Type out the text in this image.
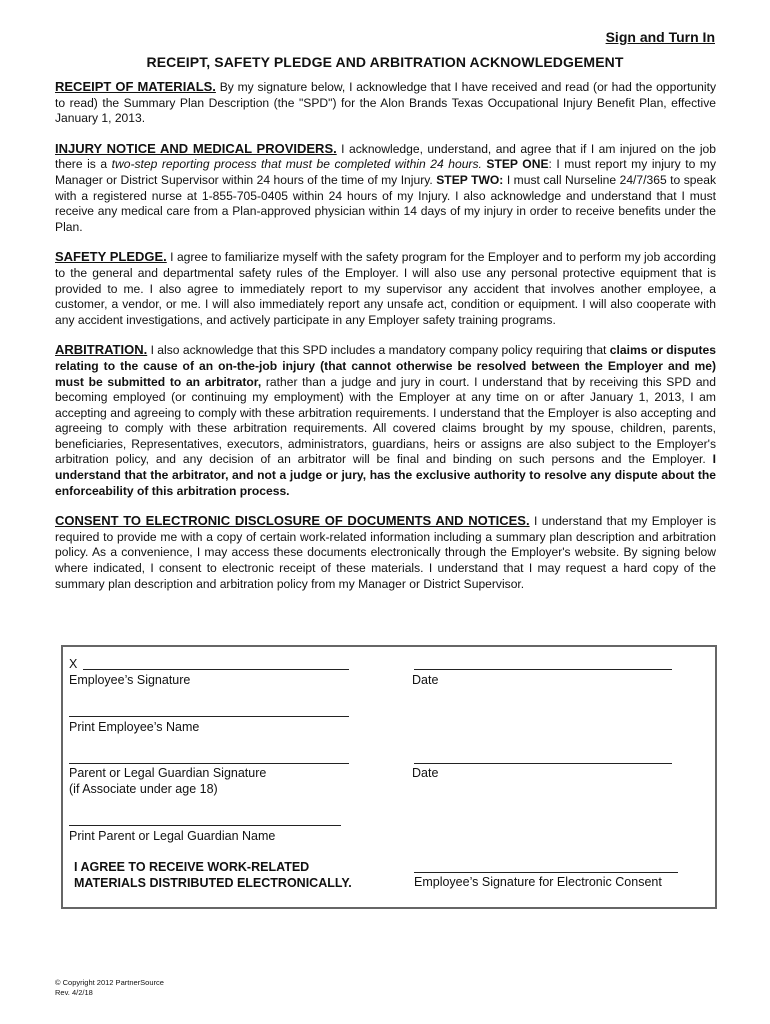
Sign and Turn In
RECEIPT, SAFETY PLEDGE AND ARBITRATION ACKNOWLEDGEMENT

RECEIPT OF MATERIALS. By my signature below, I acknowledge that I have received and read (or had the opportunity to read) the Summary Plan Description (the "SPD") for the Alon Brands Texas Occupational Injury Benefit Plan, effective January 1, 2013.

INJURY NOTICE AND MEDICAL PROVIDERS. I acknowledge, understand, and agree that if I am injured on the job there is a two-step reporting process that must be completed within 24 hours. STEP ONE: I must report my injury to my Manager or District Supervisor within 24 hours of the time of my Injury. STEP TWO: I must call Nurseline 24/7/365 to speak with a registered nurse at 1-855-705-0405 within 24 hours of my Injury. I also acknowledge and understand that I must receive any medical care from a Plan-approved physician within 14 days of my injury in order to receive benefits under the Plan.

SAFETY PLEDGE. I agree to familiarize myself with the safety program for the Employer and to perform my job according to the general and departmental safety rules of the Employer. I will also use any personal protective equipment that is provided to me. I also agree to immediately report to my supervisor any accident that involves another employee, a customer, a vendor, or me. I will also immediately report any unsafe act, condition or equipment. I will also cooperate with any accident investigations, and actively participate in any Employer safety training programs.

ARBITRATION. I also acknowledge that this SPD includes a mandatory company policy requiring that claims or disputes relating to the cause of an on-the-job injury (that cannot otherwise be resolved between the Employer and me) must be submitted to an arbitrator, rather than a judge and jury in court. I understand that by receiving this SPD and becoming employed (or continuing my employment) with the Employer at any time on or after January 1, 2013, I am accepting and agreeing to comply with these arbitration requirements. I understand that the Employer is also accepting and agreeing to comply with these arbitration requirements. All covered claims brought by my spouse, children, parents, beneficiaries, Representatives, executors, administrators, guardians, heirs or assigns are also subject to the Employer's arbitration policy, and any decision of an arbitrator will be final and binding on such persons and the Employer. I understand that the arbitrator, and not a judge or jury, has the exclusive authority to resolve any dispute about the enforceability of this arbitration process.

CONSENT TO ELECTRONIC DISCLOSURE OF DOCUMENTS AND NOTICES. I understand that my Employer is required to provide me with a copy of certain work-related information including a summary plan description and arbitration policy. As a convenience, I may access these documents electronically through the Employer's website. By signing below where indicated, I consent to electronic receipt of these materials. I understand that I may request a hard copy of the summary plan description and arbitration policy from my Manager or District Supervisor.

X
Employee’s Signature	Date
Print Employee’s Name
Parent or Legal Guardian Signature
(if Associate under age 18)
Date
Print Parent or Legal Guardian Name
I AGREE TO RECEIVE WORK-RELATED
MATERIALS DISTRIBUTED ELECTRONICALLY.	Employee’s Signature for Electronic Consent
© Copyright 2012 PartnerSource
Rev. 4/2/18
